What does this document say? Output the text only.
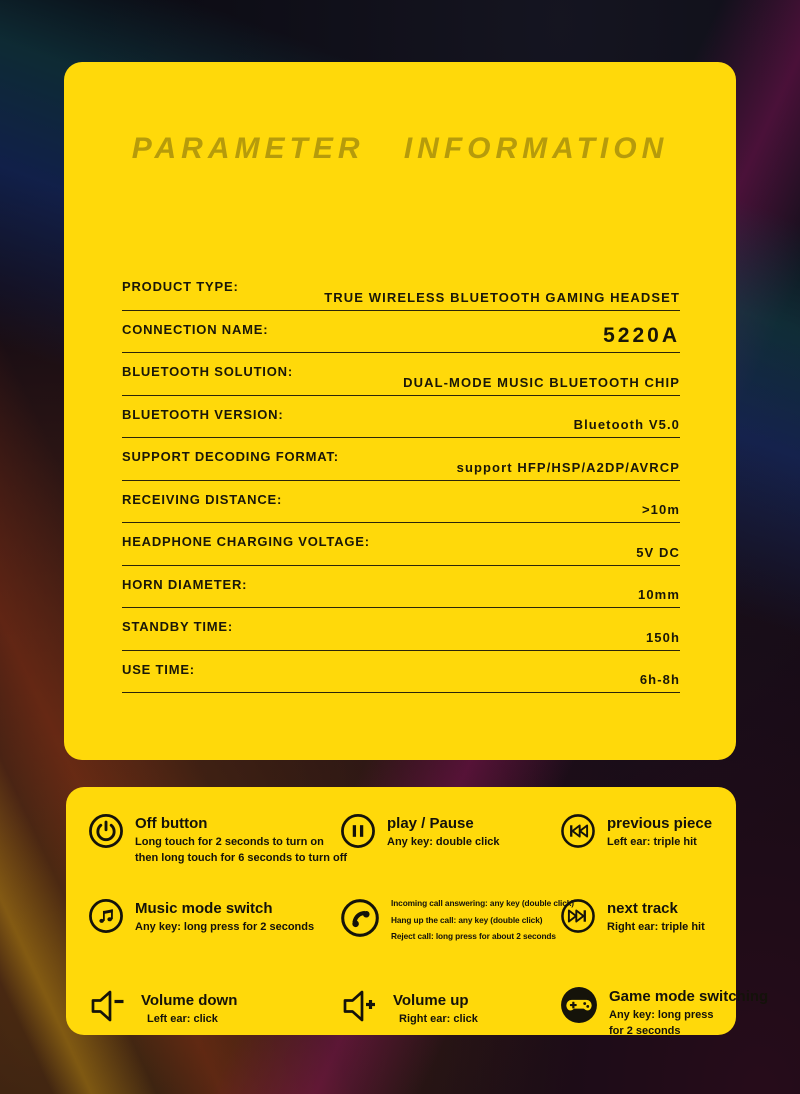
PARAMETER INFORMATION
PRODUCT TYPE:
TRUE WIRELESS BLUETOOTH GAMING HEADSET
CONNECTION NAME:	5220A
BLUETOOTH SOLUTION:
DUAL-MODE MUSIC BLUETOOTH CHIP
BLUETOOTH VERSION:
Bluetooth V5.0
SUPPORT DECODING FORMAT:
support HFP/HSP/A2DP/AVRCP
RECEIVING DISTANCE:
>10m
HEADPHONE CHARGING VOLTAGE:
5V DC
HORN DIAMETER:
10mm
STANDBY TIME:
150h
USE TIME:
6h-8h
Off button
Long touch for 2 seconds to turn on
then long touch for 6 seconds to turn off
play / Pause
Any key: double click
previous piece
Left ear: triple hit
Music mode switch
Any key: long press for 2 seconds
Incoming call answering: any key (double click)
Hang up the call: any key (double click)
Reject call: long press for about 2 seconds
next track
Right ear: triple hit
Volume down
Left ear: click
Volume up
Right ear: click
Game mode switching
Any key: long press
for 2 seconds
